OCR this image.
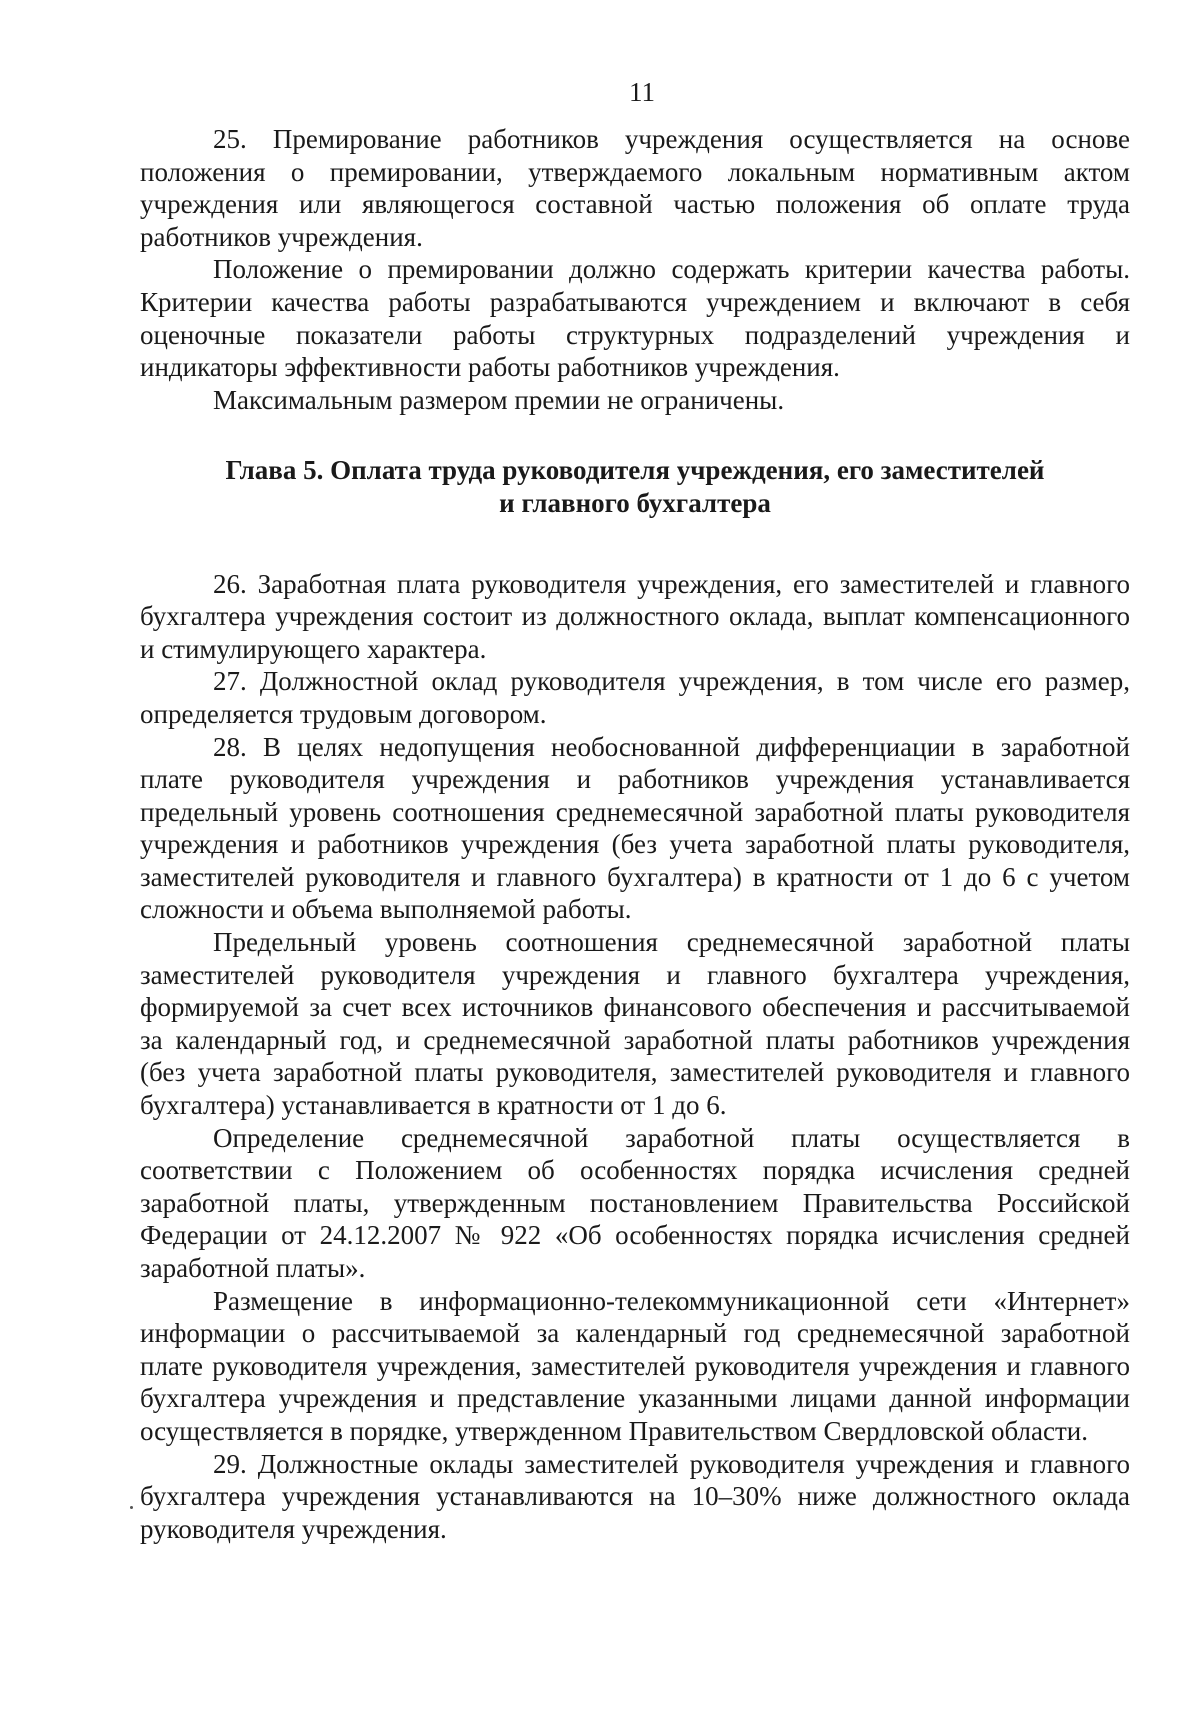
11

25. Премирование работников учреждения осуществляется на основе положения о премировании, утверждаемого локальным нормативным актом учреждения или являющегося составной частью положения об оплате труда работников учреждения.

Положение о премировании должно содержать критерии качества работы. Критерии качества работы разрабатываются учреждением и включают в себя оценочные показатели работы структурных подразделений учреждения и индикаторы эффективности работы работников учреждения.

Максимальным размером премии не ограничены.

Глава 5. Оплата труда руководителя учреждения, его заместителей
и главного бухгалтера

26. Заработная плата руководителя учреждения, его заместителей и главного бухгалтера учреждения состоит из должностного оклада, выплат компенсационного и стимулирующего характера.

27. Должностной оклад руководителя учреждения, в том числе его размер, определяется трудовым договором.

28. В целях недопущения необоснованной дифференциации в заработной плате руководителя учреждения и работников учреждения устанавливается предельный уровень соотношения среднемесячной заработной платы руководителя учреждения и работников учреждения (без учета заработной платы руководителя, заместителей руководителя и главного бухгалтера) в кратности от 1 до 6 с учетом сложности и объема выполняемой работы.

Предельный уровень соотношения среднемесячной заработной платы заместителей руководителя учреждения и главного бухгалтера учреждения, формируемой за счет всех источников финансового обеспечения и рассчитываемой за календарный год, и среднемесячной заработной платы работников учреждения (без учета заработной платы руководителя, заместителей руководителя и главного бухгалтера) устанавливается в кратности от 1 до 6.

Определение среднемесячной заработной платы осуществляется в соответствии с Положением об особенностях порядка исчисления средней заработной платы, утвержденным постановлением Правительства Российской Федерации от 24.12.2007 № 922 «Об особенностях порядка исчисления средней заработной платы».

Размещение в информационно-телекоммуникационной сети «Интернет» информации о рассчитываемой за календарный год среднемесячной заработной плате руководителя учреждения, заместителей руководителя учреждения и главного бухгалтера учреждения и представление указанными лицами данной информации осуществляется в порядке, утвержденном Правительством Свердловской области.

29. Должностные оклады заместителей руководителя учреждения и главного бухгалтера учреждения устанавливаются на 10–30% ниже должностного оклада руководителя учреждения.
